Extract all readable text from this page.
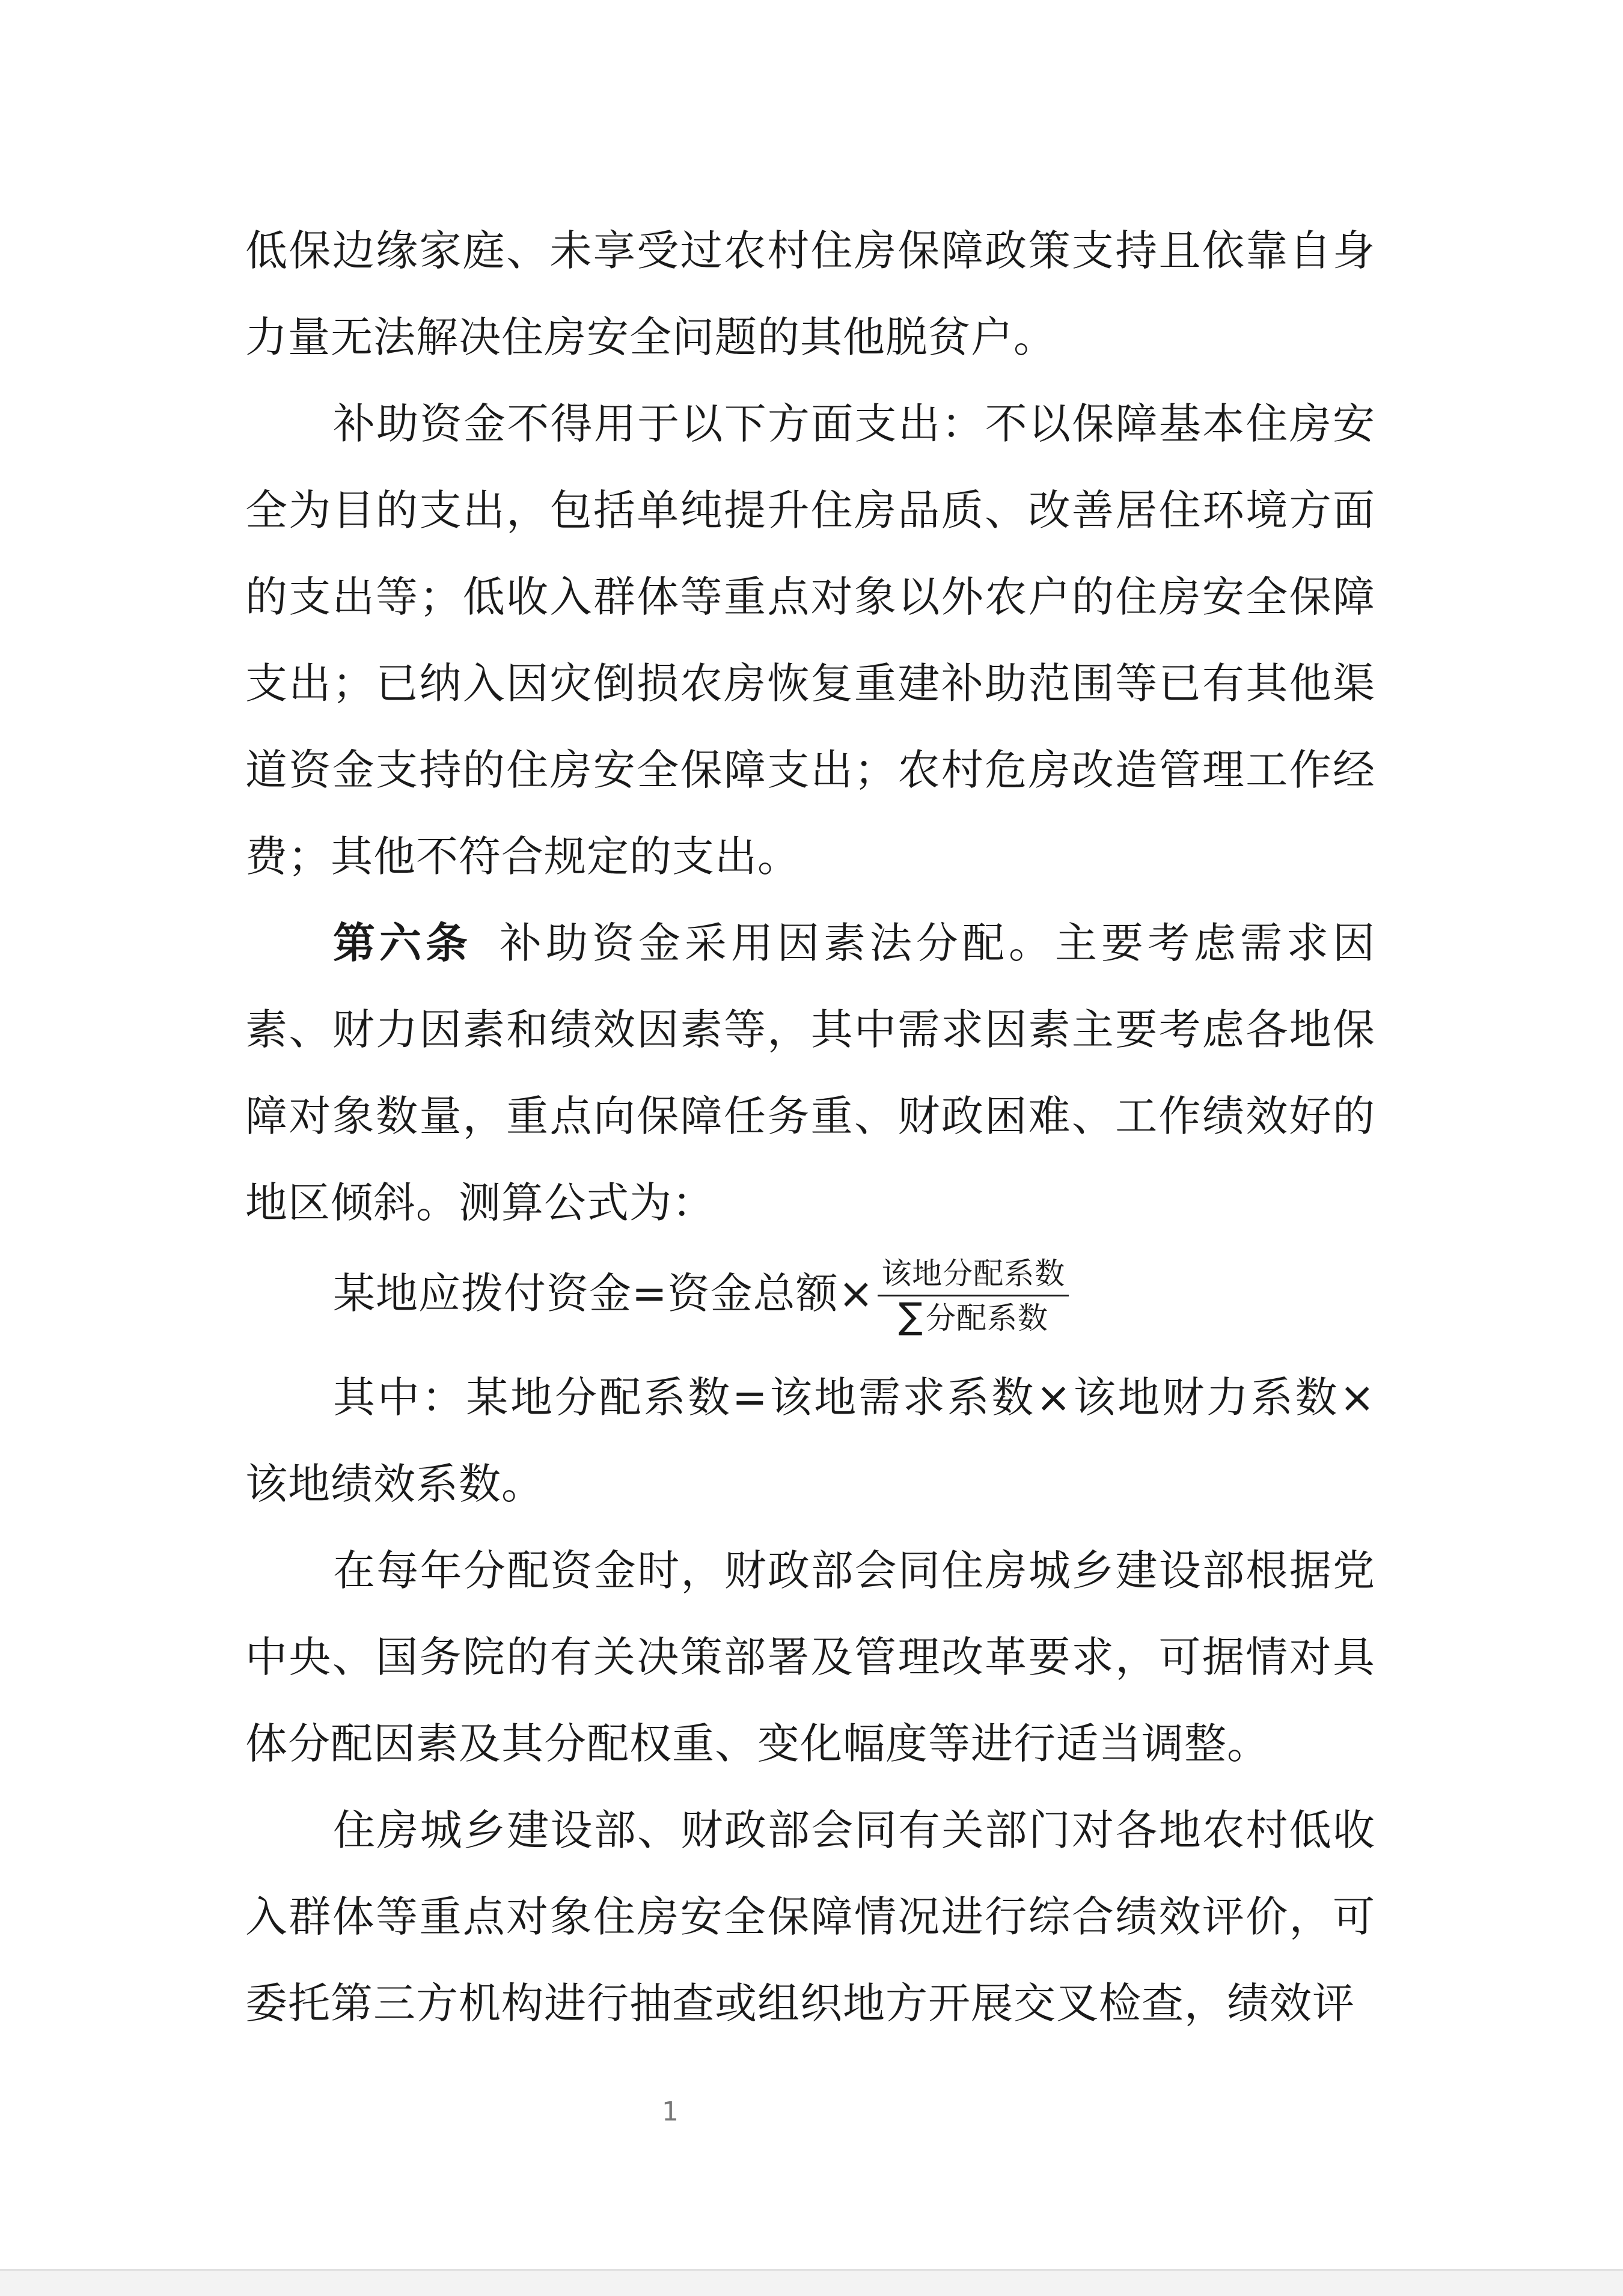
低保边缘家庭、未享受过农村住房保障政策支持且依靠自身力量无法解决住房安全问题的其他脱贫户。

补助资金不得用于以下方面支出：不以保障基本住房安全为目的支出，包括单纯提升住房品质、改善居住环境方面的支出等；低收入群体等重点对象以外农户的住房安全保障支出；已纳入因灾倒损农房恢复重建补助范围等已有其他渠道资金支持的住房安全保障支出；农村危房改造管理工作经费；其他不符合规定的支出。

第六条 补助资金采用因素法分配。主要考虑需求因素、财力因素和绩效因素等，其中需求因素主要考虑各地保障对象数量，重点向保障任务重、财政困难、工作绩效好的地区倾斜。测算公式为：

某地应拨付资金=资金总额× $\frac{\text{该地分配系数}}{\text{∑分配系数}}$

其中：某地分配系数=该地需求系数×该地财力系数×该地绩效系数。

在每年分配资金时，财政部会同住房城乡建设部根据党中央、国务院的有关决策部署及管理改革要求，可据情对具体分配因素及其分配权重、变化幅度等进行适当调整。

住房城乡建设部、财政部会同有关部门对各地农村低收入群体等重点对象住房安全保障情况进行综合绩效评价，可委托第三方机构进行抽查或组织地方开展交叉检查，绩效评

1
